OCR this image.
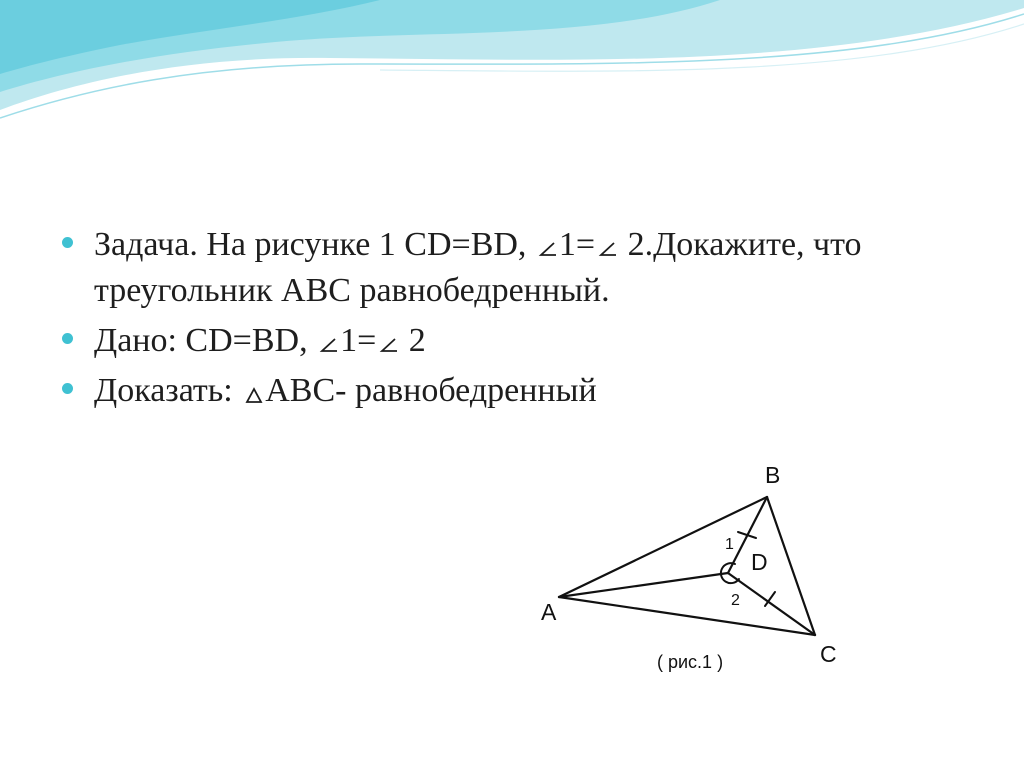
Задача. На рисунке 1 CD=BD, 1=
2.Докажите, что
треугольник АВС равнобедренный.
Дано: CD=BD, 1=
2
Доказать: АВС- равнобедренный
A
B
C
D
1
2
( рис.1 )
